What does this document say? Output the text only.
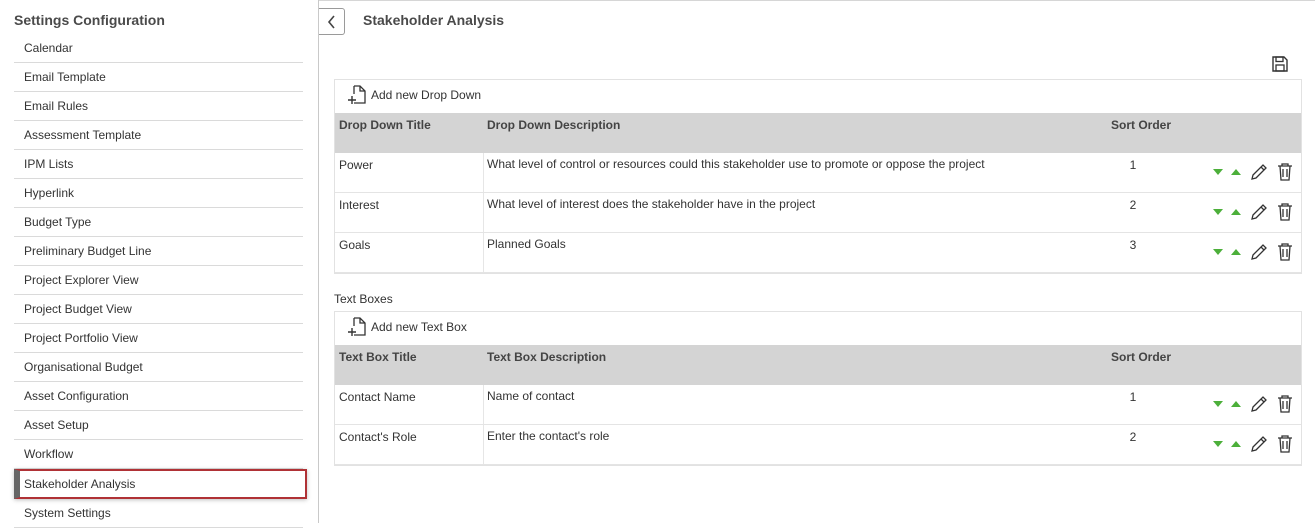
Settings Configuration
Calendar
Email Template
Email Rules
Assessment Template
IPM Lists
Hyperlink
Budget Type
Preliminary Budget Line
Project Explorer View
Project Budget View
Project Portfolio View
Organisational Budget
Asset Configuration
Asset Setup
Workflow
Stakeholder Analysis
System Settings
Stakeholder Analysis
Add new Drop Down
Drop Down Title	Drop Down Description	Sort Order
Power	What level of control or resources could this stakeholder use to promote or oppose the project	1
Interest	What level of interest does the stakeholder have in the project	2
Goals	Planned Goals	3
Text Boxes
Add new Text Box
Text Box Title	Text Box Description	Sort Order
Contact Name	Name of contact	1
Contact's Role	Enter the contact's role	2
